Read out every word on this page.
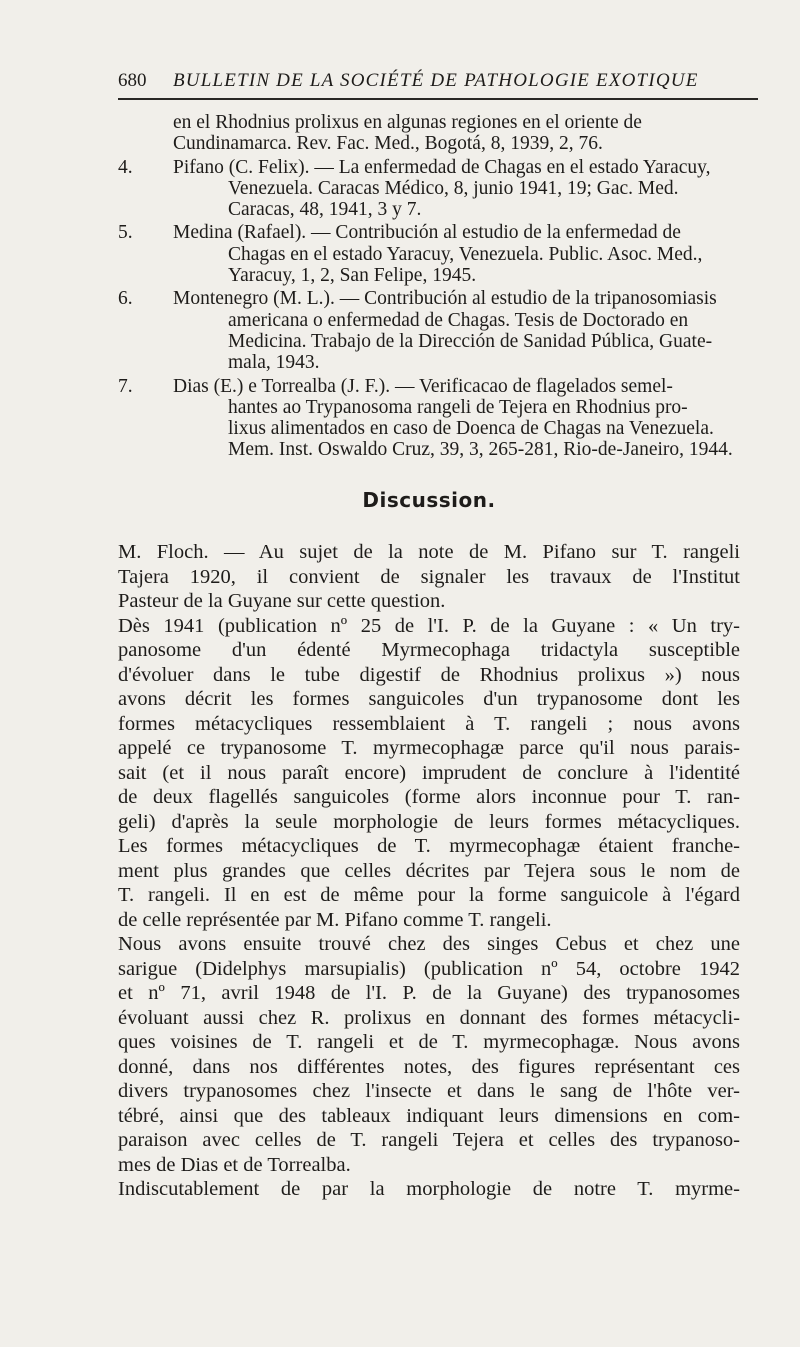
680 BULLETIN DE LA SOCIÉTÉ DE PATHOLOGIE EXOTIQUE
en el Rhodnius prolixus en algunas regiones en el oriente de
Cundinamarca. Rev. Fac. Med., Bogotá, 8, 1939, 2, 76.
4. Pifano (C. Felix). — La enfermedad de Chagas en el estado Yaracuy,
Venezuela. Caracas Médico, 8, junio 1941, 19; Gac. Med.
Caracas, 48, 1941, 3 y 7.
5. Medina (Rafael). — Contribución al estudio de la enfermedad de
Chagas en el estado Yaracuy, Venezuela. Public. Asoc. Med.,
Yaracuy, 1, 2, San Felipe, 1945.
6. Montenegro (M. L.). — Contribución al estudio de la tripanosomiasis
americana o enfermedad de Chagas. Tesis de Doctorado en
Medicina. Trabajo de la Dirección de Sanidad Pública, Guate-
mala, 1943.
7. Dias (E.) e Torrealba (J. F.). — Verificacao de flagelados semel-
hantes ao Trypanosoma rangeli de Tejera en Rhodnius pro-
lixus alimentados en caso de Doenca de Chagas na Venezuela.
Mem. Inst. Oswaldo Cruz, 39, 3, 265-281, Rio-de-Janeiro, 1944.
Discussion.

M. Floch. — Au sujet de la note de M. Pifano sur T. rangeli
Tajera 1920, il convient de signaler les travaux de l'Institut
Pasteur de la Guyane sur cette question.

Dès 1941 (publication nº 25 de l'I. P. de la Guyane : « Un try-
panosome d'un édenté Myrmecophaga tridactyla susceptible
d'évoluer dans le tube digestif de Rhodnius prolixus ») nous
avons décrit les formes sanguicoles d'un trypanosome dont les
formes métacycliques ressemblaient à T. rangeli ; nous avons
appelé ce trypanosome T. myrmecophagæ parce qu'il nous parais-
sait (et il nous paraît encore) imprudent de conclure à l'identité
de deux flagellés sanguicoles (forme alors inconnue pour T. ran-
geli) d'après la seule morphologie de leurs formes métacycliques.
Les formes métacycliques de T. myrmecophagæ étaient franche-
ment plus grandes que celles décrites par Tejera sous le nom de
T. rangeli. Il en est de même pour la forme sanguicole à l'égard
de celle représentée par M. Pifano comme T. rangeli.

Nous avons ensuite trouvé chez des singes Cebus et chez une
sarigue (Didelphys marsupialis) (publication nº 54, octobre 1942
et nº 71, avril 1948 de l'I. P. de la Guyane) des trypanosomes
évoluant aussi chez R. prolixus en donnant des formes métacycli-
ques voisines de T. rangeli et de T. myrmecophagæ. Nous avons
donné, dans nos différentes notes, des figures représentant ces
divers trypanosomes chez l'insecte et dans le sang de l'hôte ver-
tébré, ainsi que des tableaux indiquant leurs dimensions en com-
paraison avec celles de T. rangeli Tejera et celles des trypanoso-
mes de Dias et de Torrealba.

Indiscutablement de par la morphologie de notre T. myrme-
